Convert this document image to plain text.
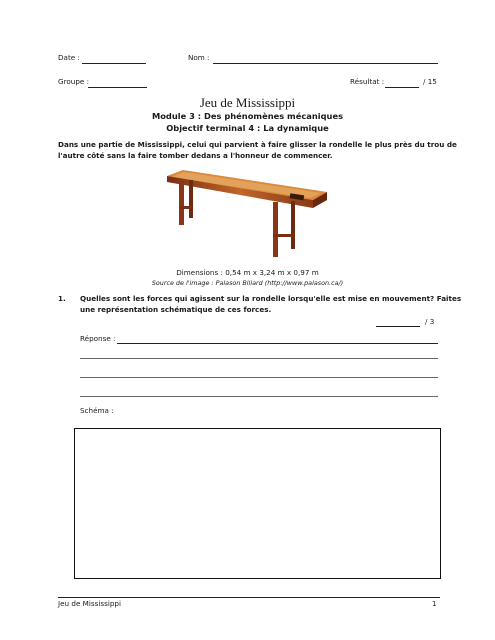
Date :	Nom :
Groupe :	Résultat :	/ 15
Jeu de Mississippi
Module 3 : Des phénomènes mécaniques
Objectif terminal 4 : La dynamique
Dans une partie de Mississippi, celui qui parvient à faire glisser la rondelle le plus près du trou de
l'autre côté sans la faire tomber dedans a l'honneur de commencer.
Dimensions : 0,54 m x 3,24 m x 0,97 m
Source de l'image : Palason Billard (http://www.palason.ca/)
1. Quelles sont les forces qui agissent sur la rondelle lorsqu'elle est mise en mouvement? Faites
une représentation schématique de ces forces.
/ 3
Réponse :
Schéma :
Jeu de Mississippi	1
